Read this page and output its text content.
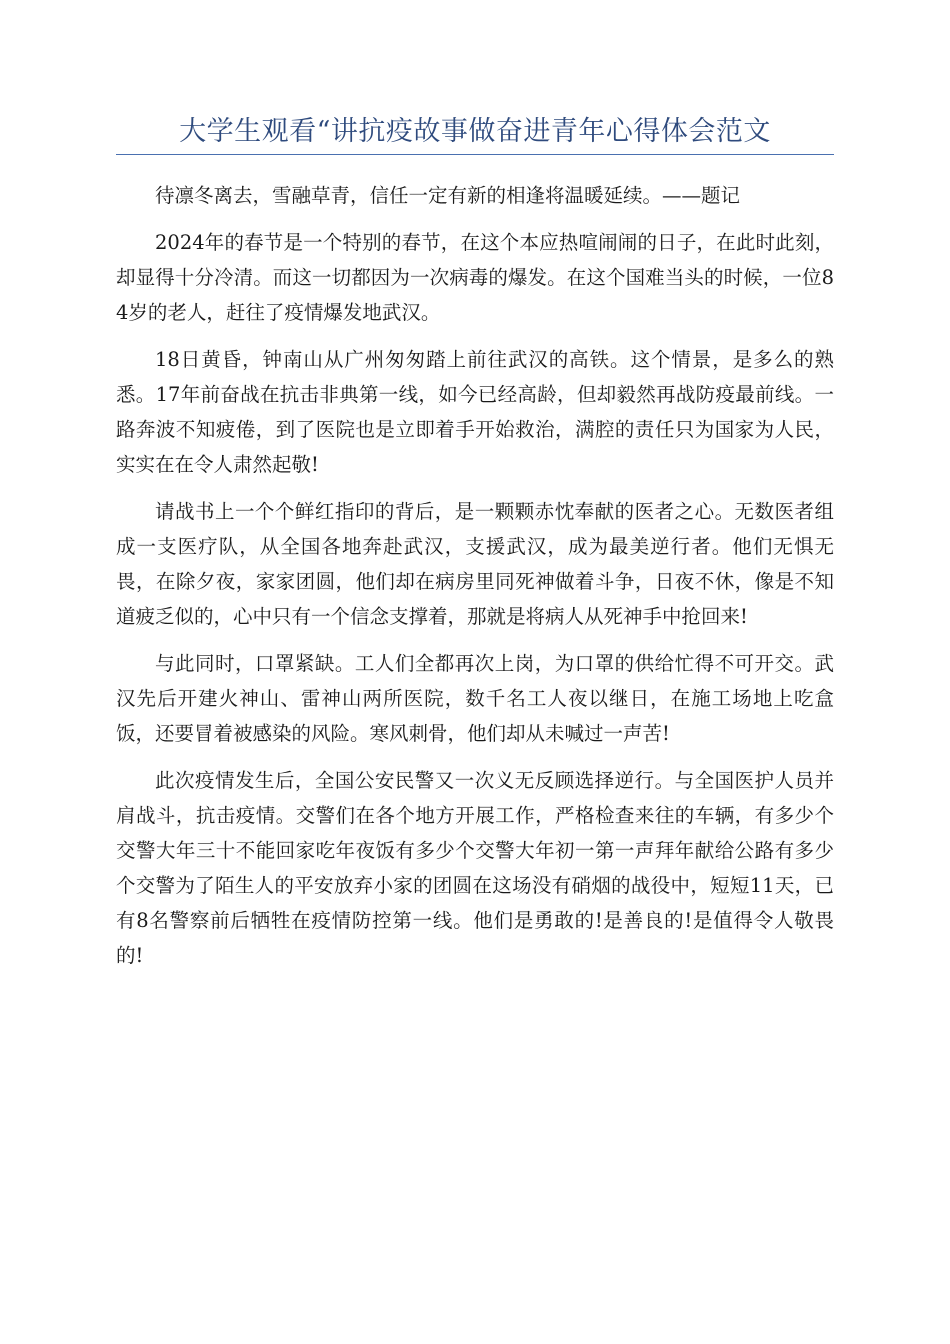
大学生观看“讲抗疫故事做奋进青年心得体会范文

待凛冬离去，雪融草青，信任一定有新的相逢将温暖延续。——题记

2024年的春节是一个特别的春节，在这个本应热喧闹闹的日子，在此时此刻，却显得十分冷清。而这一切都因为一次病毒的爆发。在这个国难当头的时候，一位84岁的老人，赶往了疫情爆发地武汉。

18日黄昏，钟南山从广州匆匆踏上前往武汉的高铁。这个情景，是多么的熟悉。17年前奋战在抗击非典第一线，如今已经高龄，但却毅然再战防疫最前线。一路奔波不知疲倦，到了医院也是立即着手开始救治，满腔的责任只为国家为人民，实实在在令人肃然起敬!

请战书上一个个鲜红指印的背后，是一颗颗赤忱奉献的医者之心。无数医者组成一支医疗队，从全国各地奔赴武汉，支援武汉，成为最美逆行者。他们无惧无畏，在除夕夜，家家团圆，他们却在病房里同死神做着斗争，日夜不休，像是不知道疲乏似的，心中只有一个信念支撑着，那就是将病人从死神手中抢回来!

与此同时，口罩紧缺。工人们全都再次上岗，为口罩的供给忙得不可开交。武汉先后开建火神山、雷神山两所医院，数千名工人夜以继日，在施工场地上吃盒饭，还要冒着被感染的风险。寒风刺骨，他们却从未喊过一声苦!

此次疫情发生后，全国公安民警又一次义无反顾选择逆行。与全国医护人员并肩战斗，抗击疫情。交警们在各个地方开展工作，严格检查来往的车辆，有多少个交警大年三十不能回家吃年夜饭有多少个交警大年初一第一声拜年献给公路有多少个交警为了陌生人的平安放弃小家的团圆在这场没有硝烟的战役中，短短11天，已有8名警察前后牺牲在疫情防控第一线。他们是勇敢的!是善良的!是值得令人敬畏的!
